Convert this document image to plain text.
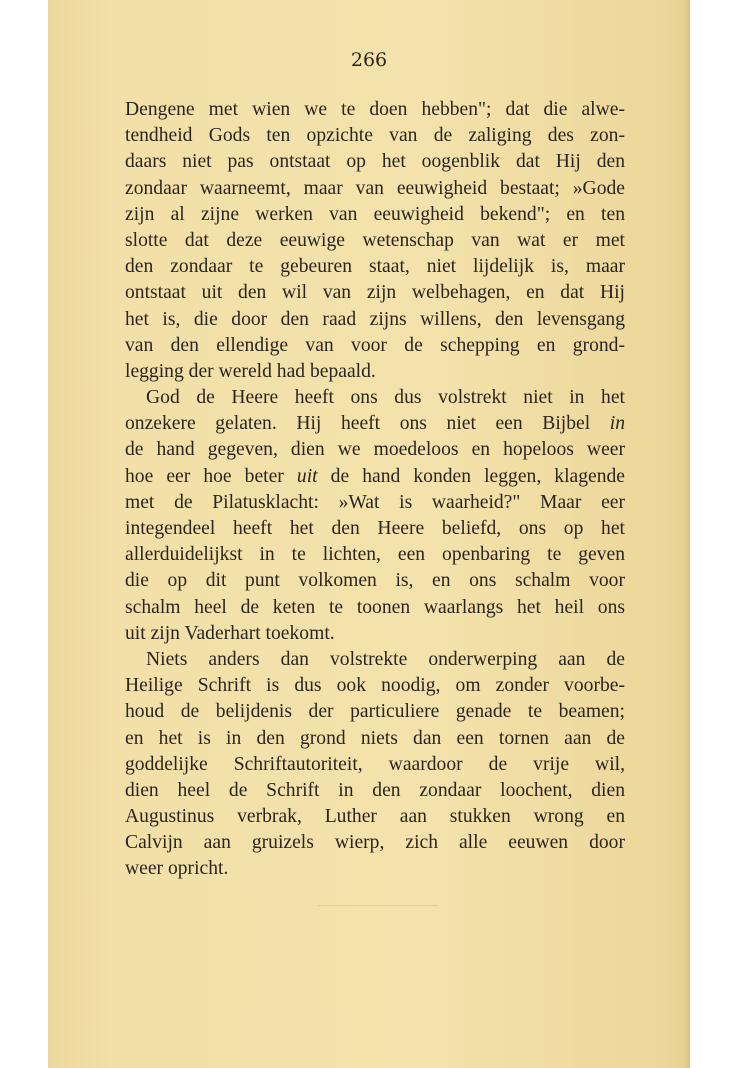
266
Dengene met wien we te doen hebben"; dat die alwe-
tendheid Gods ten opzichte van de zaliging des zon-
daars niet pas ontstaat op het oogenblik dat Hij den
zondaar waarneemt, maar van eeuwigheid bestaat; »Gode
zijn al zijne werken van eeuwigheid bekend"; en ten
slotte dat deze eeuwige wetenschap van wat er met
den zondaar te gebeuren staat, niet lijdelijk is, maar
ontstaat uit den wil van zijn welbehagen, en dat Hij
het is, die door den raad zijns willens, den levensgang
van den ellendige van voor de schepping en grond-
legging der wereld had bepaald.
God de Heere heeft ons dus volstrekt niet in het
onzekere gelaten. Hij heeft ons niet een Bijbel in
de hand gegeven, dien we moedeloos en hopeloos weer
hoe eer hoe beter uit de hand konden leggen, klagende
met de Pilatusklacht: »Wat is waarheid?" Maar eer
integendeel heeft het den Heere beliefd, ons op het
allerduidelijkst in te lichten, een openbaring te geven
die op dit punt volkomen is, en ons schalm voor
schalm heel de keten te toonen waarlangs het heil ons
uit zijn Vaderhart toekomt.
Niets anders dan volstrekte onderwerping aan de
Heilige Schrift is dus ook noodig, om zonder voorbe-
houd de belijdenis der particuliere genade te beamen;
en het is in den grond niets dan een tornen aan de
goddelijke Schriftautoriteit, waardoor de vrije wil,
dien heel de Schrift in den zondaar loochent, dien
Augustinus verbrak, Luther aan stukken wrong en
Calvijn aan gruizels wierp, zich alle eeuwen door
weer opricht.
